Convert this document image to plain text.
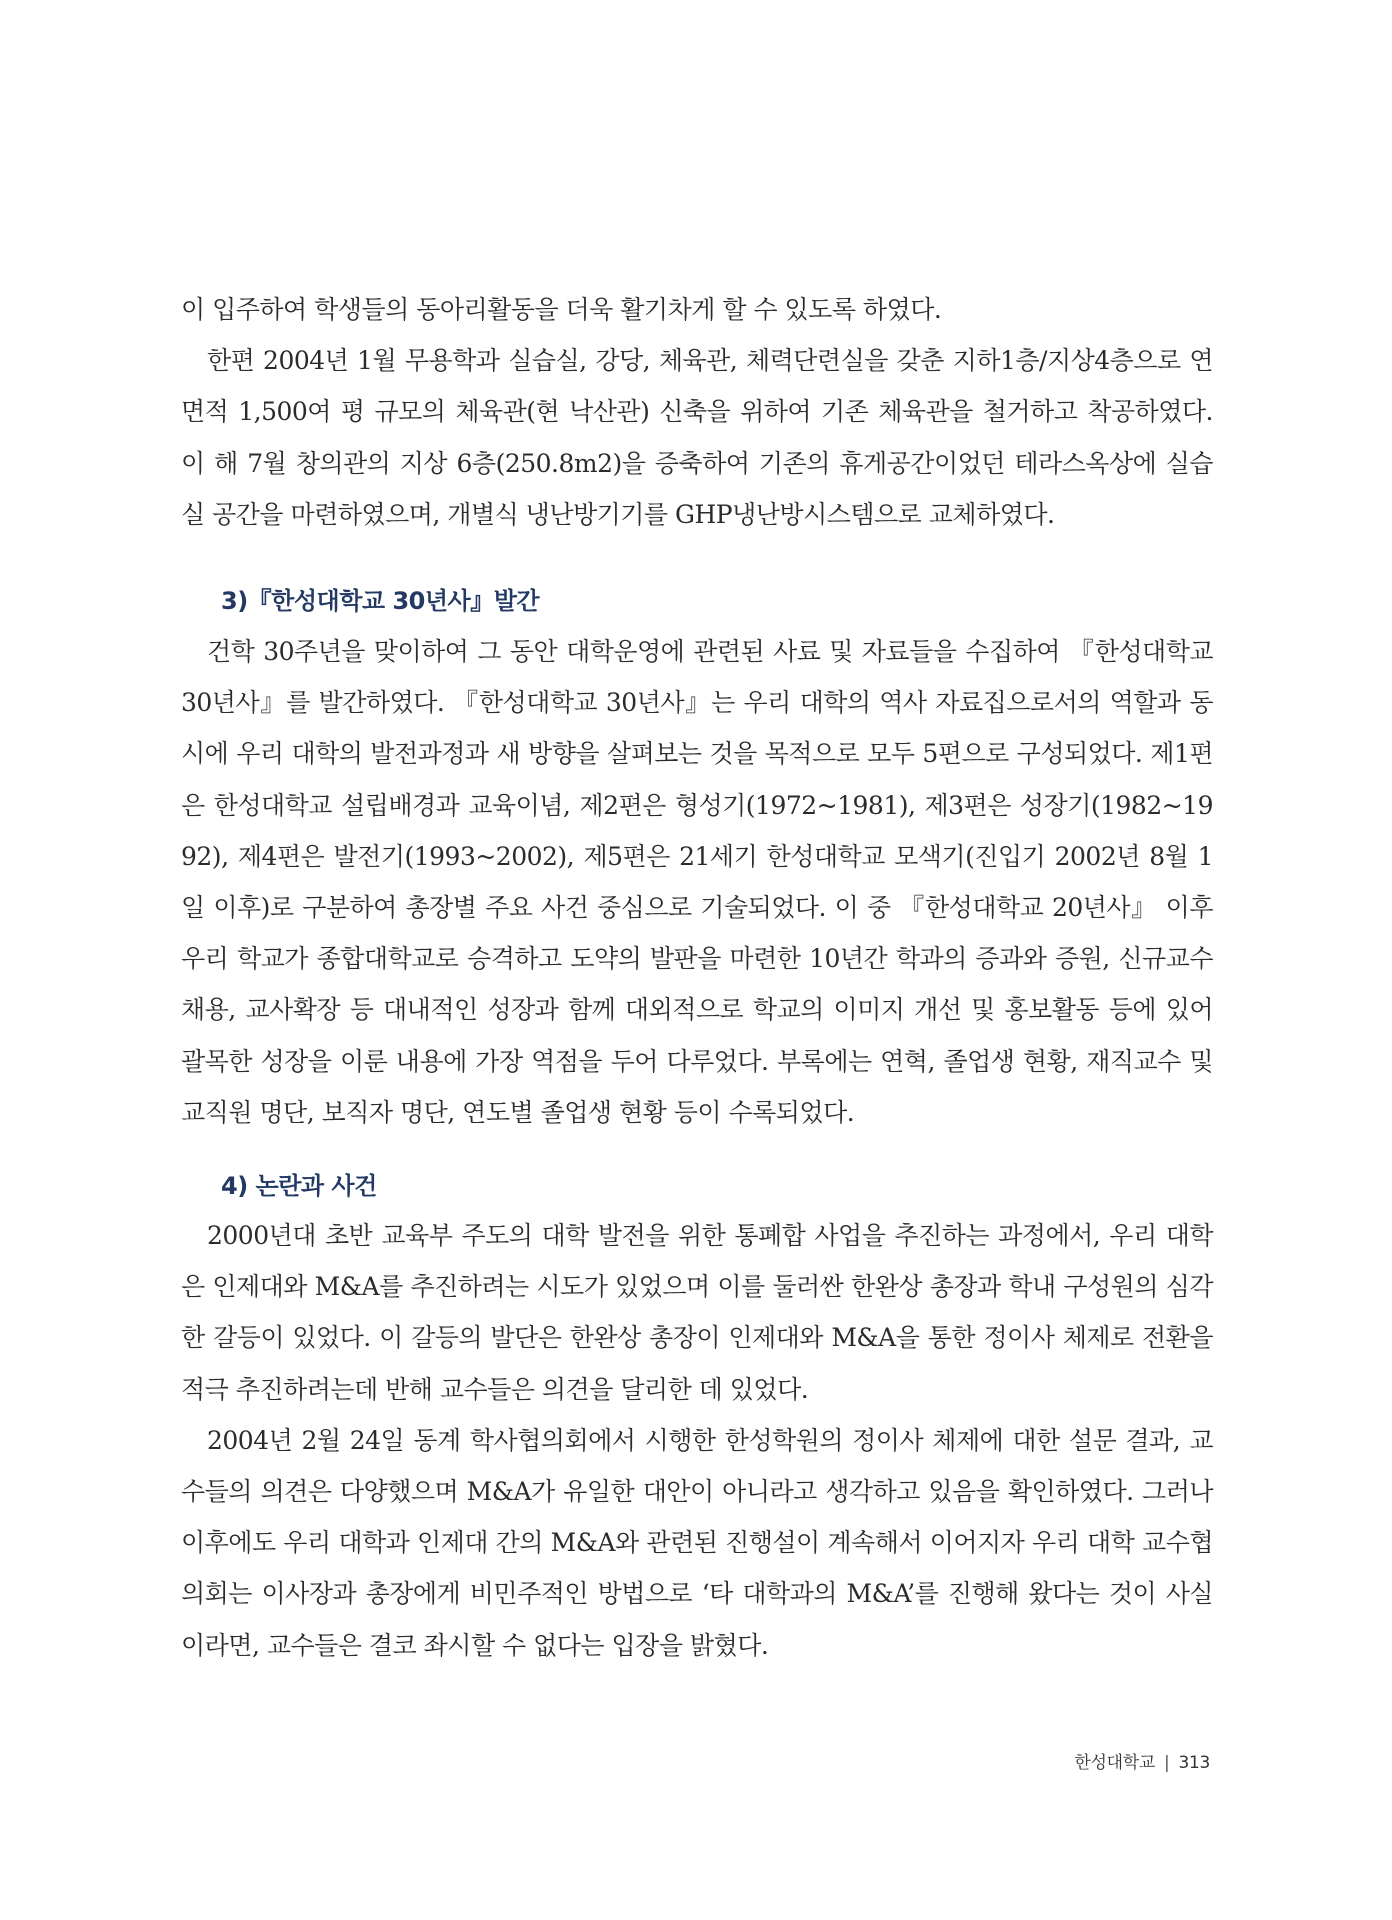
이 입주하여 학생들의 동아리활동을 더욱 활기차게 할 수 있도록 하였다.

한편 2004년 1월 무용학과 실습실, 강당, 체육관, 체력단련실을 갖춘 지하1층/지상4층으로 연면적 1,500여 평 규모의 체육관(현 낙산관) 신축을 위하여 기존 체육관을 철거하고 착공하였다. 이 해 7월 창의관의 지상 6층(250.8m2)을 증축하여 기존의 휴게공간이었던 테라스옥상에 실습실 공간을 마련하였으며, 개별식 냉난방기기를 GHP냉난방시스템으로 교체하였다.

3)『한성대학교 30년사』발간

건학 30주년을 맞이하여 그 동안 대학운영에 관련된 사료 및 자료들을 수집하여 『한성대학교 30년사』를 발간하였다. 『한성대학교 30년사』는 우리 대학의 역사 자료집으로서의 역할과 동시에 우리 대학의 발전과정과 새 방향을 살펴보는 것을 목적으로 모두 5편으로 구성되었다. 제1편은 한성대학교 설립배경과 교육이념, 제2편은 형성기(1972~1981), 제3편은 성장기(1982~1992), 제4편은 발전기(1993~2002), 제5편은 21세기 한성대학교 모색기(진입기 2002년 8월 1일 이후)로 구분하여 총장별 주요 사건 중심으로 기술되었다. 이 중 『한성대학교 20년사』 이후 우리 학교가 종합대학교로 승격하고 도약의 발판을 마련한 10년간 학과의 증과와 증원, 신규교수 채용, 교사확장 등 대내적인 성장과 함께 대외적으로 학교의 이미지 개선 및 홍보활동 등에 있어 괄목한 성장을 이룬 내용에 가장 역점을 두어 다루었다. 부록에는 연혁, 졸업생 현황, 재직교수 및 교직원 명단, 보직자 명단, 연도별 졸업생 현황 등이 수록되었다.

4) 논란과 사건

2000년대 초반 교육부 주도의 대학 발전을 위한 통폐합 사업을 추진하는 과정에서, 우리 대학은 인제대와 M&A를 추진하려는 시도가 있었으며 이를 둘러싼 한완상 총장과 학내 구성원의 심각한 갈등이 있었다. 이 갈등의 발단은 한완상 총장이 인제대와 M&A을 통한 정이사 체제로 전환을 적극 추진하려는데 반해 교수들은 의견을 달리한 데 있었다.

2004년 2월 24일 동계 학사협의회에서 시행한 한성학원의 정이사 체제에 대한 설문 결과, 교수들의 의견은 다양했으며 M&A가 유일한 대안이 아니라고 생각하고 있음을 확인하였다. 그러나 이후에도 우리 대학과 인제대 간의 M&A와 관련된 진행설이 계속해서 이어지자 우리 대학 교수협의회는 이사장과 총장에게 비민주적인 방법으로 ‘타 대학과의 M&A’를 진행해 왔다는 것이 사실이라면, 교수들은 결코 좌시할 수 없다는 입장을 밝혔다.

한성대학교 | 313
